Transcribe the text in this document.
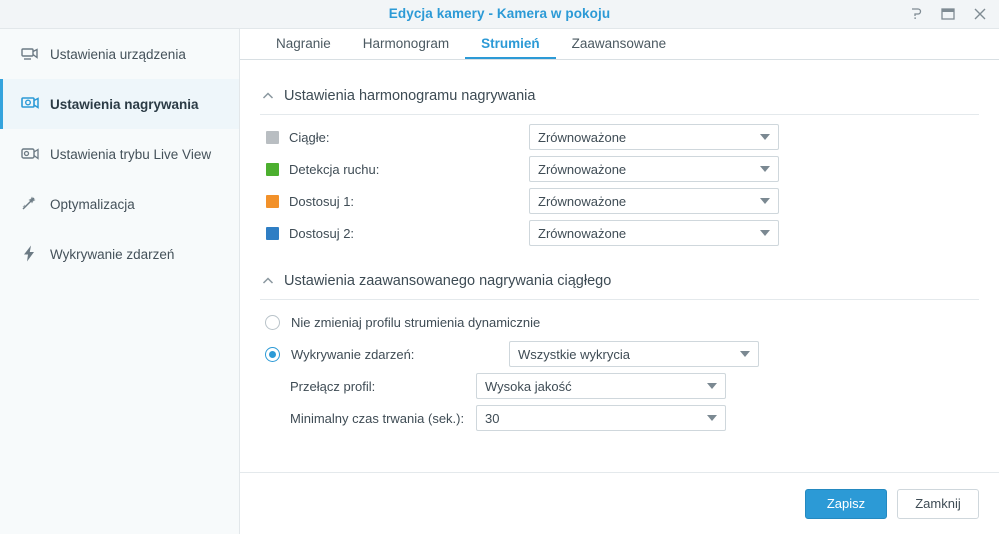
Edycja kamery - Kamera w pokoju
Ustawienia urządzenia
Ustawienia nagrywania
Ustawienia trybu Live View
Optymalizacja
Wykrywanie zdarzeń
Nagranie	Harmonogram	Strumień	Zaawansowane
Ustawienia harmonogramu nagrywania
Ciągłe:	Zrównoważone
Detekcja ruchu:	Zrównoważone
Dostosuj 1:	Zrównoważone
Dostosuj 2:	Zrównoważone
Ustawienia zaawansowanego nagrywania ciągłego
Nie zmieniaj profilu strumienia dynamicznie
Wykrywanie zdarzeń:	Wszystkie wykrycia
Przełącz profil:	Wysoka jakość
Minimalny czas trwania (sek.):	30
Zapisz	Zamknij
